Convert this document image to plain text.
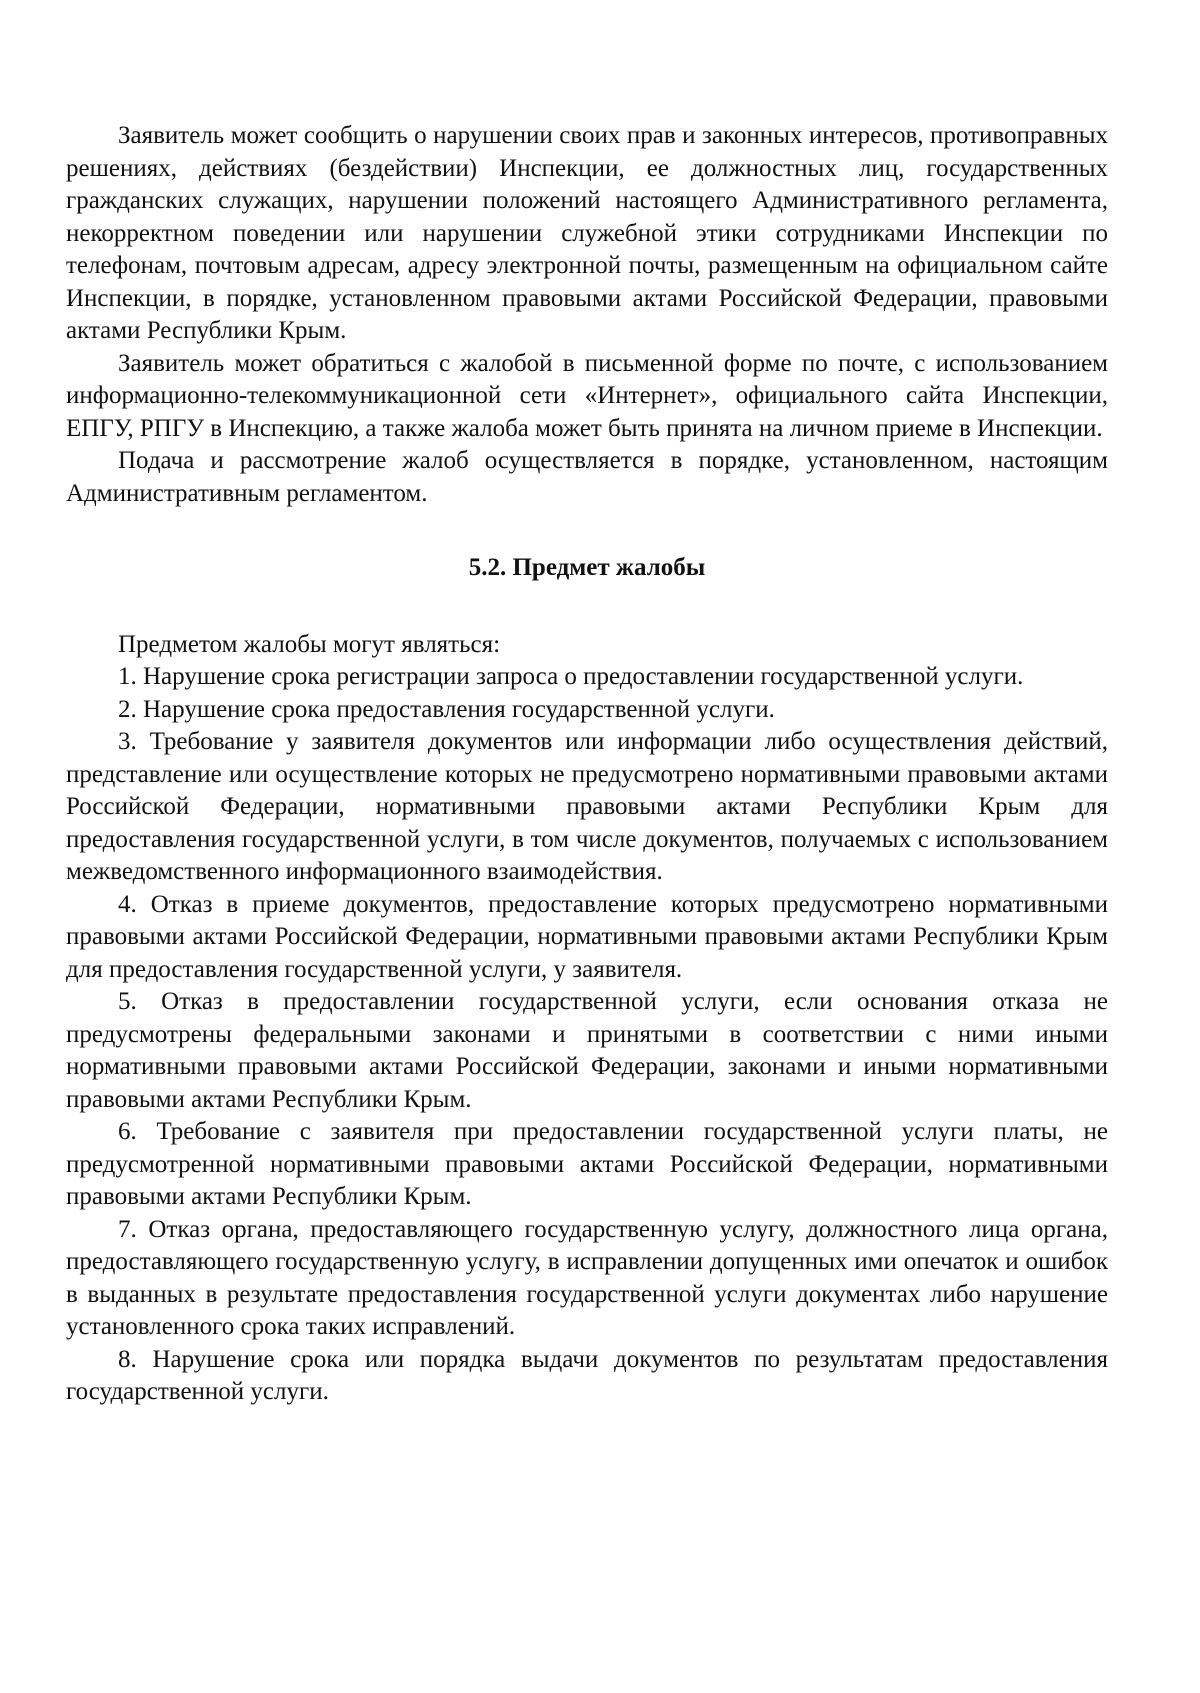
Заявитель может сообщить о нарушении своих прав и законных интересов, противоправных решениях, действиях (бездействии) Инспекции, ее должностных лиц, государственных гражданских служащих, нарушении положений настоящего Административного регламента, некорректном поведении или нарушении служебной этики сотрудниками Инспекции по телефонам, почтовым адресам, адресу электронной почты, размещенным на официальном сайте Инспекции, в порядке, установленном правовыми актами Российской Федерации, правовыми актами Республики Крым.

Заявитель может обратиться с жалобой в письменной форме по почте, с использованием информационно-телекоммуникационной сети «Интернет», официального сайта Инспекции, ЕПГУ, РПГУ в Инспекцию, а также жалоба может быть принята на личном приеме в Инспекции.

Подача и рассмотрение жалоб осуществляется в порядке, установленном, настоящим Административным регламентом.

5.2. Предмет жалобы

Предметом жалобы могут являться:

1. Нарушение срока регистрации запроса о предоставлении государственной услуги.

2. Нарушение срока предоставления государственной услуги.

3. Требование у заявителя документов или информации либо осуществления действий, представление или осуществление которых не предусмотрено нормативными правовыми актами Российской Федерации, нормативными правовыми актами Республики Крым для предоставления государственной услуги, в том числе документов, получаемых с использованием межведомственного информационного взаимодействия.

4. Отказ в приеме документов, предоставление которых предусмотрено нормативными правовыми актами Российской Федерации, нормативными правовыми актами Республики Крым для предоставления государственной услуги, у заявителя.

5. Отказ в предоставлении государственной услуги, если основания отказа не предусмотрены федеральными законами и принятыми в соответствии с ними иными нормативными правовыми актами Российской Федерации, законами и иными нормативными правовыми актами Республики Крым.

6. Требование с заявителя при предоставлении государственной услуги платы, не предусмотренной нормативными правовыми актами Российской Федерации, нормативными правовыми актами Республики Крым.

7. Отказ органа, предоставляющего государственную услугу, должностного лица органа, предоставляющего государственную услугу, в исправлении допущенных ими опечаток и ошибок в выданных в результате предоставления государственной услуги документах либо нарушение установленного срока таких исправлений.

8. Нарушение срока или порядка выдачи документов по результатам предоставления государственной услуги.
